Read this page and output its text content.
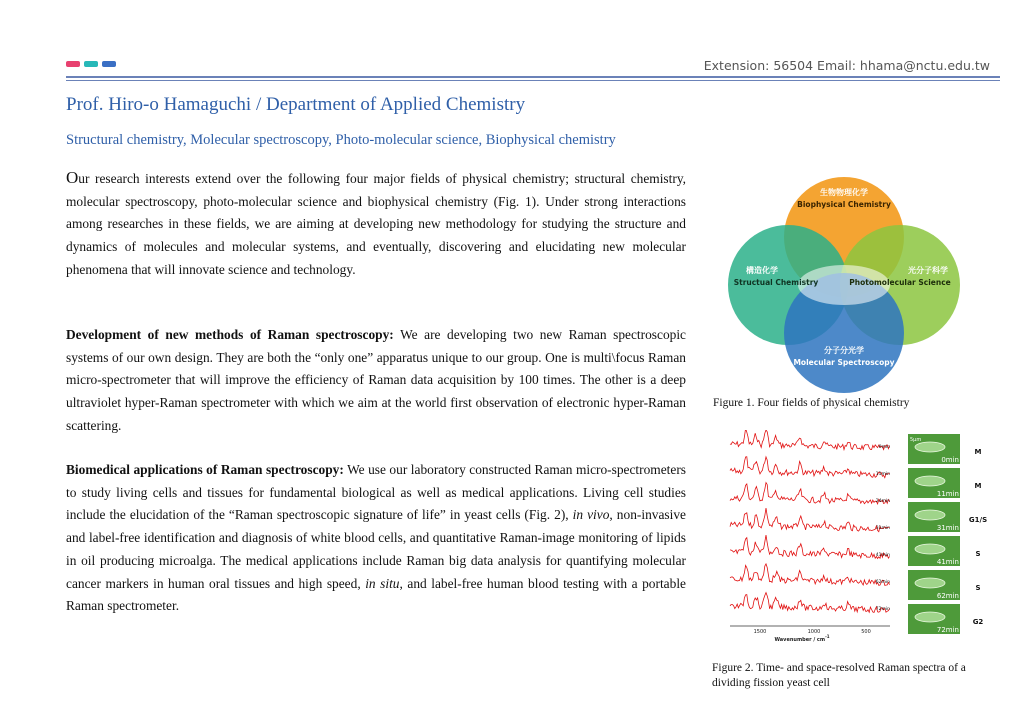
Extension: 56504 Email: hhama@nctu.edu.tw
Prof. Hiro-o Hamaguchi / Department of Applied Chemistry
Structural chemistry, Molecular spectroscopy, Photo-molecular science, Biophysical chemistry

Our research interests extend over the following four major fields of physical chemistry; structural chemistry, molecular spectroscopy, photo-molecular science and biophysical chemistry (Fig. 1). Under strong interactions among researches in these fields, we are aiming at developing new methodology for studying the structure and dynamics of molecules and molecular systems, and eventually, discovering and elucidating new molecular phenomena that will innovate science and technology.

Development of new methods of Raman spectroscopy: We are developing two new Raman spectroscopic systems of our own design. They are both the “only one” apparatus unique to our group. One is multi\focus Raman micro-spectrometer that will improve the efficiency of Raman data acquisition by 100 times. The other is a deep ultraviolet hyper-Raman spectrometer with which we aim at the world first observation of electronic hyper-Raman scattering.

Biomedical applications of Raman spectroscopy: We use our laboratory constructed Raman micro-spectrometers to study living cells and tissues for fundamental biological as well as medical applications. Living cell studies include the elucidation of the “Raman spectroscopic signature of life” in yeast cells (Fig. 2), in vivo, non-invasive and label-free identification and diagnosis of white blood cells, and quantitative Raman-image monitoring of lipids in oil producing microalga. The medical applications include Raman big data analysis for quantifying molecular cancer markers in human oral tissues and high speed, in situ, and label-free human blood testing with a portable Raman spectrometer.

生物物理化学
Biophysical Chemistry
構造化学
Structual Chemistry
光分子科学
Photomolecular Science
分子分光学
Molecular Spectroscopy
Figure 1. Four fields of physical chemistry
1500	1000	500
Wavenumber / $cm^{-1}$
0min
11min
24min
31min
41min
62min
72min
0min
5μm
11min
31min
41min
62min
72min
M
M
G1/S
S
S
G2
Figure 2. Time- and space-resolved Raman spectra of a dividing fission yeast cell
